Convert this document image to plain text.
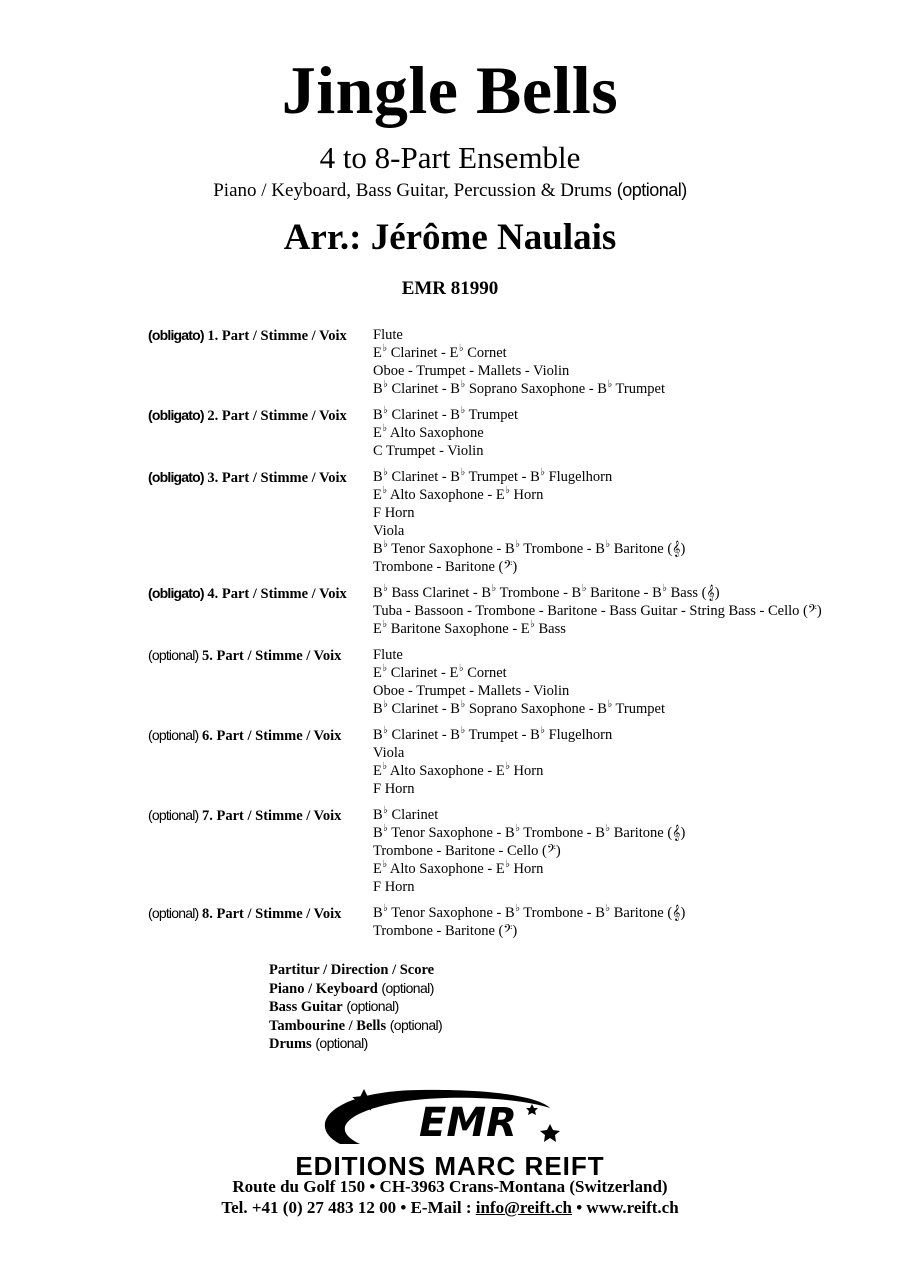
Jingle Bells
4 to 8-Part Ensemble
Piano / Keyboard, Bass Guitar, Percussion & Drums (optional)
Arr.: Jérôme Naulais
EMR 81990
(obligato) 1. Part / Stimme / Voix Flute
E♭ Clarinet - E♭ Cornet
Oboe - Trumpet - Mallets - Violin
B♭ Clarinet - B♭ Soprano Saxophone - B♭ Trumpet
(obligato) 2. Part / Stimme / Voix B♭ Clarinet - B♭ Trumpet
E♭ Alto Saxophone
C Trumpet - Violin
(obligato) 3. Part / Stimme / Voix B♭ Clarinet - B♭ Trumpet - B♭ Flugelhorn
E♭ Alto Saxophone - E♭ Horn
F Horn
Viola
B♭ Tenor Saxophone - B♭ Trombone - B♭ Baritone (𝄞)
Trombone - Baritone (𝄢)
(obligato) 4. Part / Stimme / Voix B♭ Bass Clarinet - B♭ Trombone - B♭ Baritone - B♭ Bass (𝄞)
Tuba - Bassoon - Trombone - Baritone - Bass Guitar - String Bass - Cello (𝄢)
E♭ Baritone Saxophone - E♭ Bass
(optional) 5. Part / Stimme / Voix Flute
E♭ Clarinet - E♭ Cornet
Oboe - Trumpet - Mallets - Violin
B♭ Clarinet - B♭ Soprano Saxophone - B♭ Trumpet
(optional) 6. Part / Stimme / Voix B♭ Clarinet - B♭ Trumpet - B♭ Flugelhorn
Viola
E♭ Alto Saxophone - E♭ Horn
F Horn
(optional) 7. Part / Stimme / Voix B♭ Clarinet
B♭ Tenor Saxophone - B♭ Trombone - B♭ Baritone (𝄞)
Trombone - Baritone - Cello (𝄢)
E♭ Alto Saxophone - E♭ Horn
F Horn
(optional) 8. Part / Stimme / Voix B♭ Tenor Saxophone - B♭ Trombone - B♭ Baritone (𝄞)
Trombone - Baritone (𝄢)
Partitur / Direction / Score
Piano / Keyboard (optional)
Bass Guitar (optional)
Tambourine / Bells (optional)
Drums (optional)
EMR
EDITIONS MARC REIFT
Route du Golf 150 • CH-3963 Crans-Montana (Switzerland)
Tel. +41 (0) 27 483 12 00 • E-Mail : info@reift.ch • www.reift.ch
